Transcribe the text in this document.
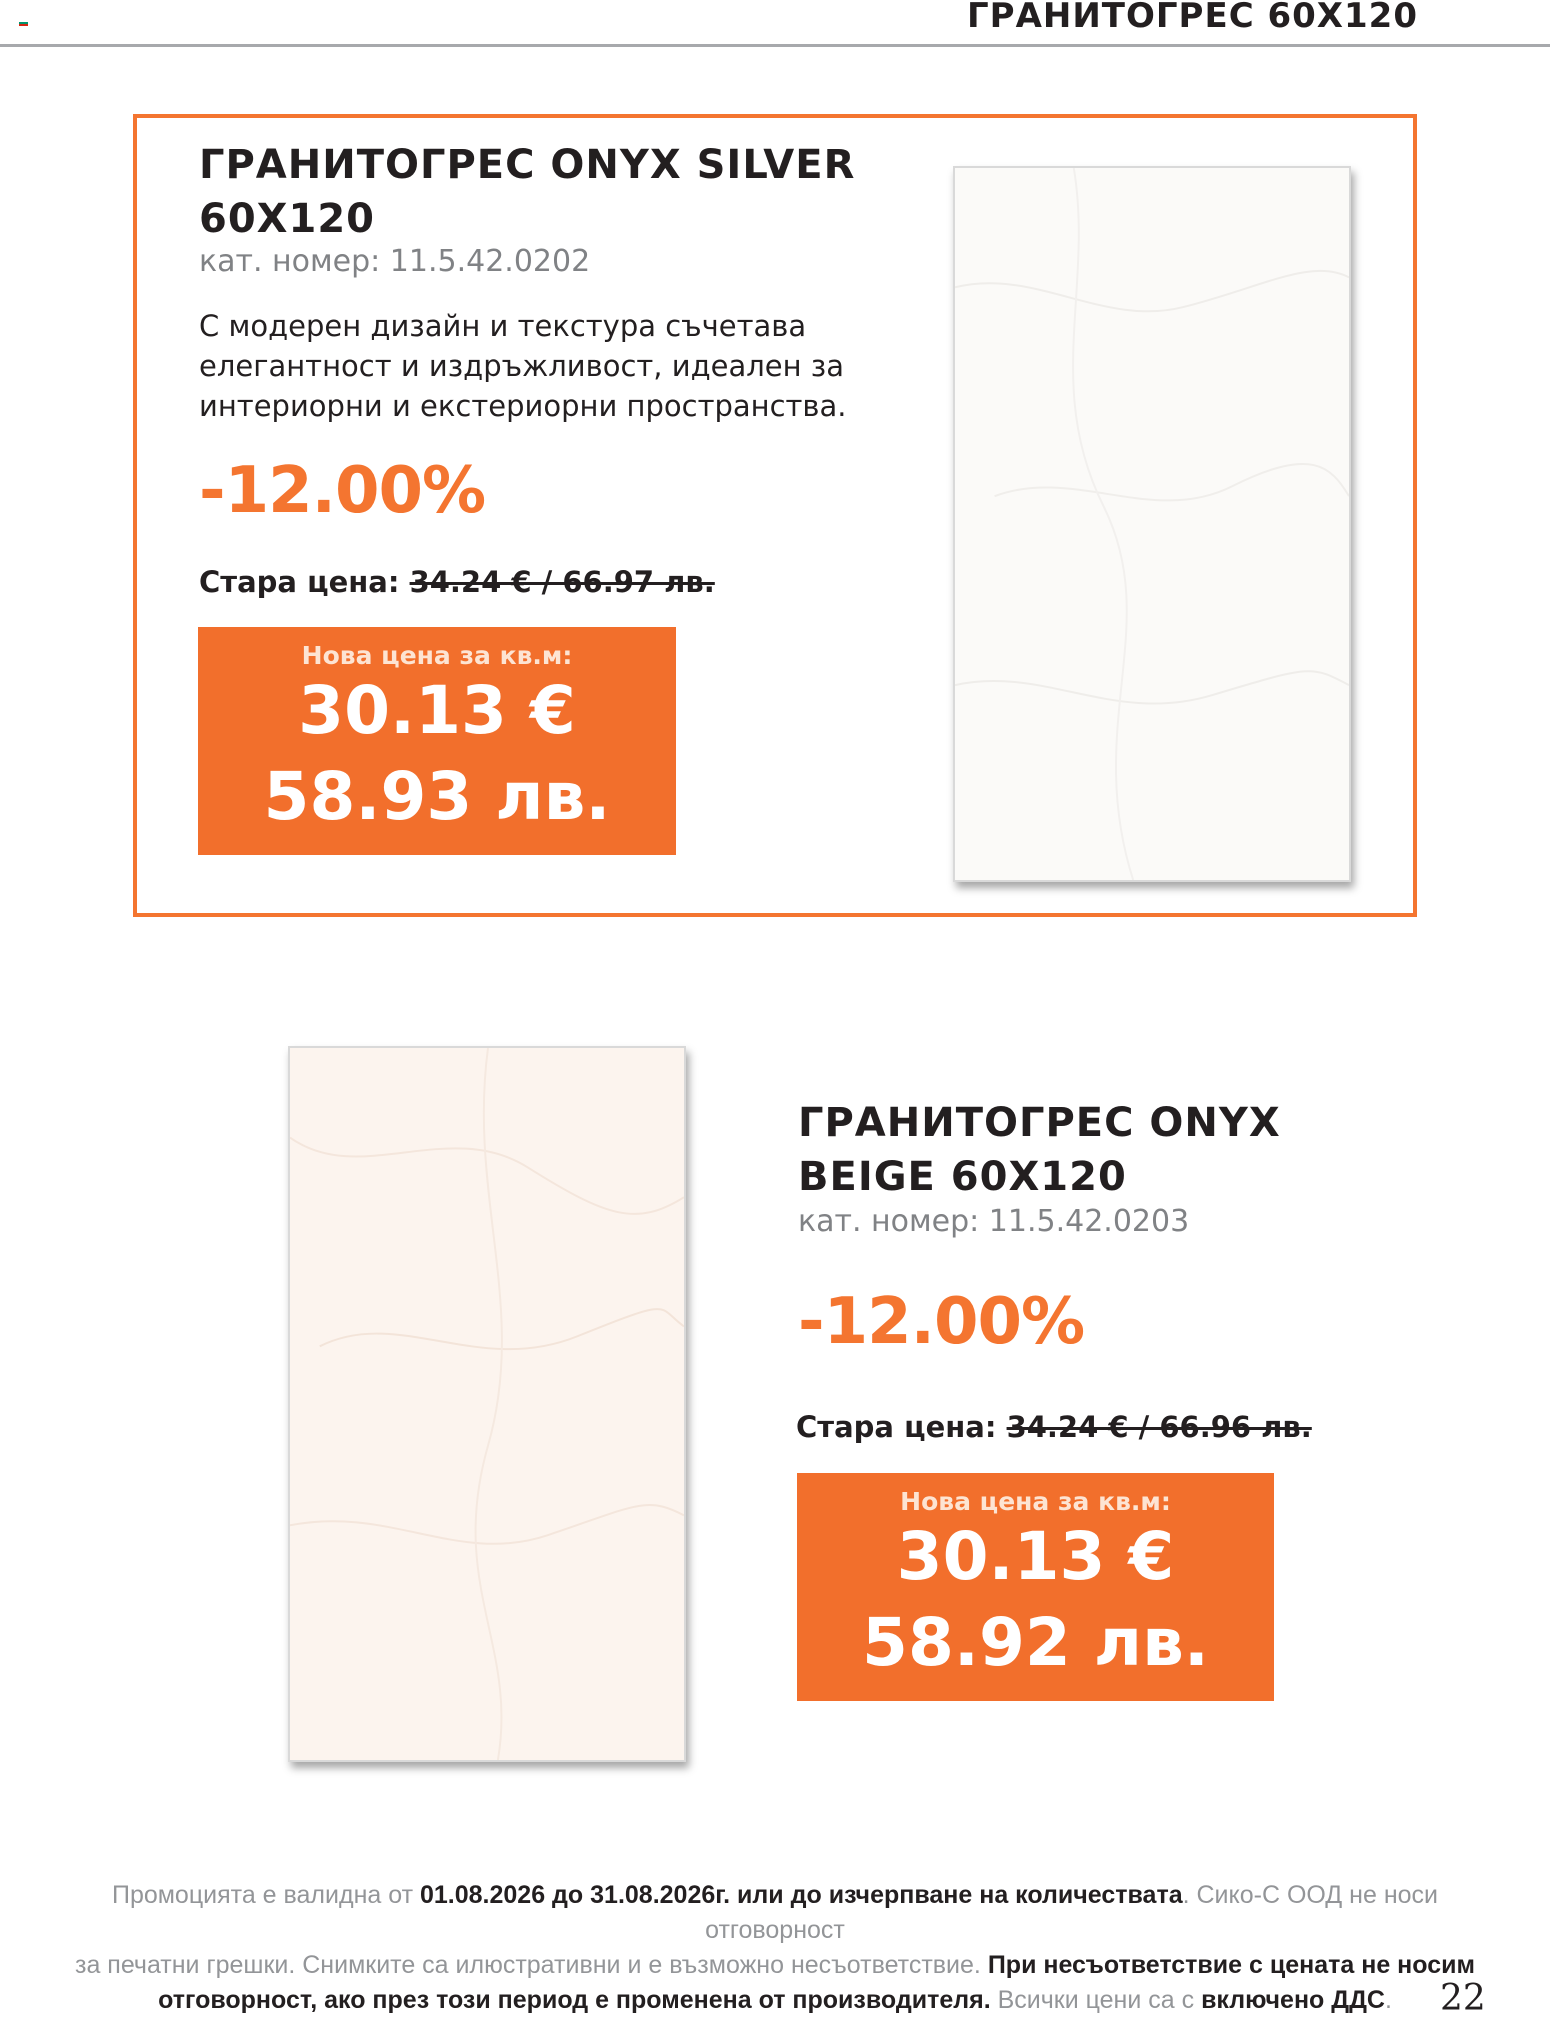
ГРАНИТОГРЕС 60X120
ГРАНИТОГРЕС ONYX SILVER
60X120
кат. номер: 11.5.42.0202
С модерен дизайн и текстура съчетава
елегантност и издръжливост, идеален за
интериорни и екстериорни пространства.
-12.00%
Стара цена: 34.24 € / 66.97 лв.
Нова цена за кв.м:
30.13 €
58.93 лв.
ГРАНИТОГРЕС ONYX
BEIGE 60X120
кат. номер: 11.5.42.0203
-12.00%
Стара цена: 34.24 € / 66.96 лв.
Нова цена за кв.м:
30.13 €
58.92 лв.
Промоцията е валидна от 01.08.2026 до 31.08.2026г. или до изчерпване на количествата. Сико-С ООД не носи отговорност
за печатни грешки. Снимките са илюстративни и е възможно несъответствие. При несъответствие с цената не носим
отговорност, ако през този период е променена от производителя. Всички цени са с включено ДДС.	22
